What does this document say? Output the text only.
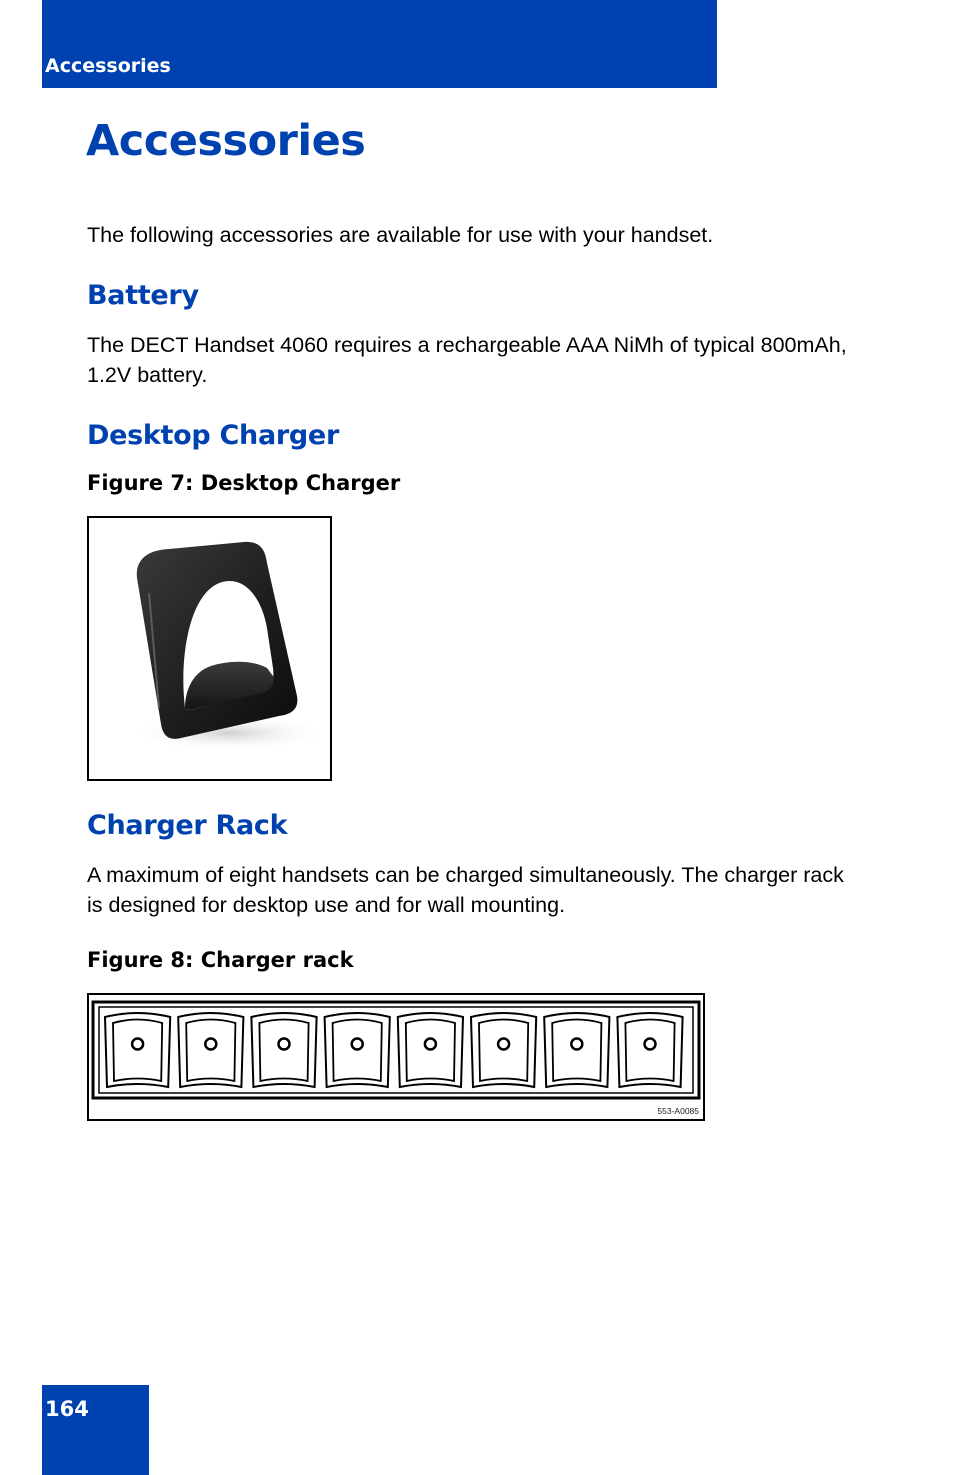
Accessories
Accessories

The following accessories are available for use with your handset.

Battery

The DECT Handset 4060 requires a rechargeable AAA NiMh of typical 800mAh, 1.2V battery.

Desktop Charger

Figure 7: Desktop Charger

Charger Rack

A maximum of eight handsets can be charged simultaneously. The charger rack is designed for desktop use and for wall mounting.

Figure 8: Charger rack

553-A0085
164
